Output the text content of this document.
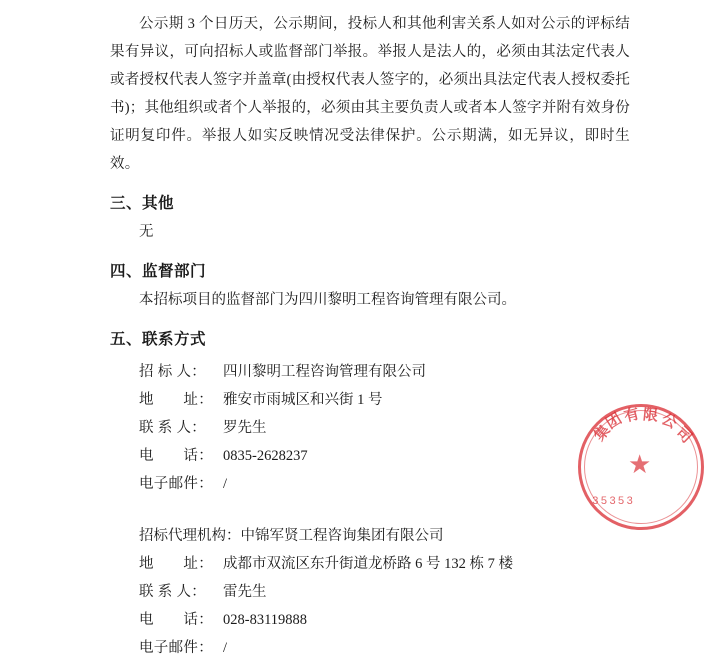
公示期 3 个日历天，公示期间，投标人和其他利害关系人如对公示的评标结果有异议，可向招标人或监督部门举报。举报人是法人的，必须由其法定代表人或者授权代表人签字并盖章(由授权代表人签字的，必须出具法定代表人授权委托书)；其他组织或者个人举报的，必须由其主要负责人或者本人签字并附有效身份证明复印件。举报人如实反映情况受法律保护。公示期满，如无异议，即时生效。

三、其他

无

四、监督部门

本招标项目的监督部门为四川黎明工程咨询管理有限公司。

五、联系方式
招 标 人：	四川黎明工程咨询管理有限公司
地　　址： 雅安市雨城区和兴街 1 号
联 系 人：	罗先生
电　　话： 0835-2628237
电子邮件： /

招标代理机构：中锦军贤工程咨询集团有限公司

地　　址： 成都市双流区东升街道龙桥路 6 号 132 栋 7 楼
联 系 人：	雷先生
电　　话： 028-83119888
电子邮件： /
★
集
团
有 限 公
司
35353
